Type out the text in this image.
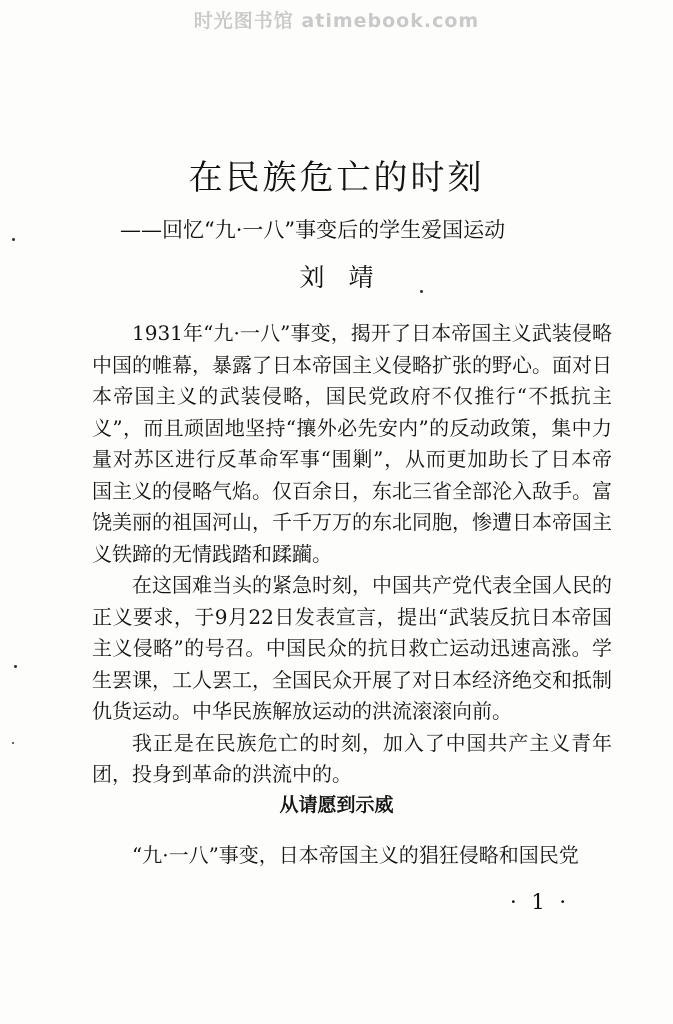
时光图书馆 atimebook.com
在民族危亡的时刻
——回忆“九·一八”事变后的学生爱国运动
刘靖

1931年“九·一八”事变，揭开了日本帝国主义武装侵略中国的帷幕，暴露了日本帝国主义侵略扩张的野心。面对日本帝国主义的武装侵略，国民党政府不仅推行“不抵抗主义”，而且顽固地坚持“攘外必先安内”的反动政策，集中力量对苏区进行反革命军事“围剿”，从而更加助长了日本帝国主义的侵略气焰。仅百余日，东北三省全部沦入敌手。富饶美丽的祖国河山，千千万万的东北同胞，惨遭日本帝国主义铁蹄的无情践踏和蹂躏。

在这国难当头的紧急时刻，中国共产党代表全国人民的正义要求，于9月22日发表宣言，提出“武装反抗日本帝国主义侵略”的号召。中国民众的抗日救亡运动迅速高涨。学生罢课，工人罢工，全国民众开展了对日本经济绝交和抵制仇货运动。中华民族解放运动的洪流滚滚向前。

我正是在民族危亡的时刻，加入了中国共产主义青年团，投身到革命的洪流中的。

从请愿到示威

“九·一八”事变，日本帝国主义的猖狂侵略和国民党

· 1 ·
